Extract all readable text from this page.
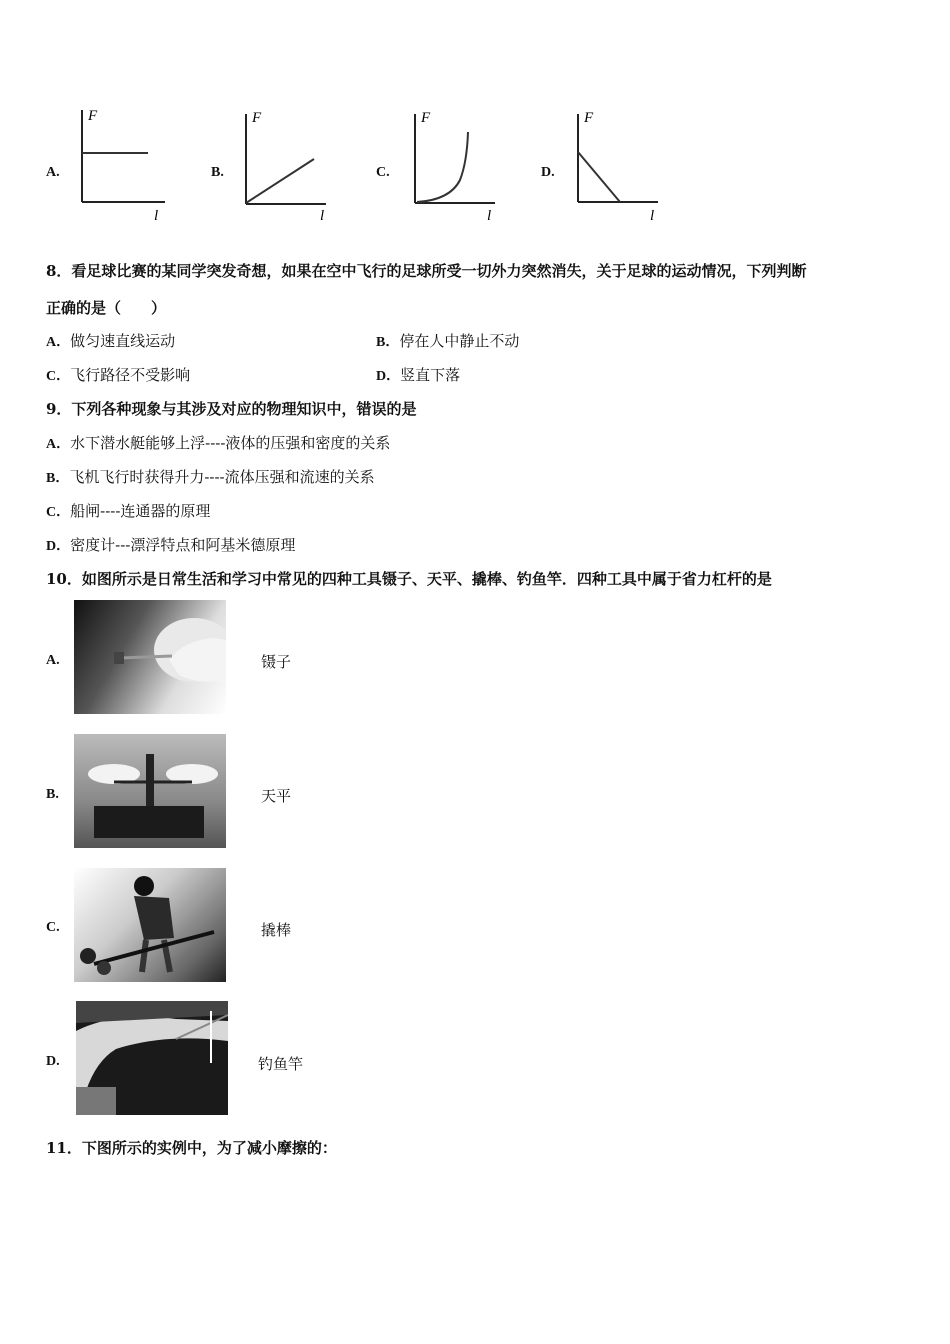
A.
F
l
B.
F
l
C.
F
l
D.
F
l
8．看足球比赛的某同学突发奇想，如果在空中飞行的足球所受一切外力突然消失，关于足球的运动情况，下列判断
正确的是（　　）
A．做匀速直线运动	B．停在人中静止不动
C．飞行路径不受影响	D．竖直下落
9．下列各种现象与其涉及对应的物理知识中，错误的是
A．水下潜水艇能够上浮----液体的压强和密度的关系
B．飞机飞行时获得升力----流体压强和流速的关系
C．船闸----连通器的原理
D．密度计---漂浮特点和阿基米德原理
10．如图所示是日常生活和学习中常见的四种工具镊子、天平、撬棒、钓鱼竿．四种工具中属于省力杠杆的是
A.	镊子
B.	天平
C.	撬棒
D.	钓鱼竿
11．下图所示的实例中，为了减小摩擦的：
